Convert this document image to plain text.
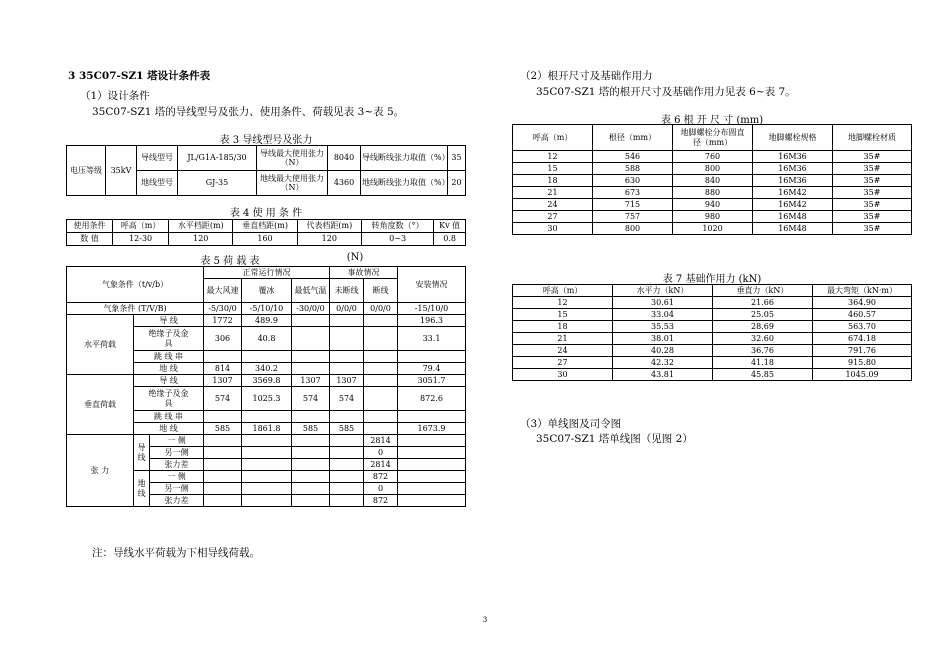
3 35C07-SZ1 塔设计条件表
（1）设计条件
35C07-SZ1 塔的导线型号及张力、使用条件、荷载见表 3~表 5。
表 3 导线型号及张力
电压等级	35kV	导线型号	JL/G1A-185/30	导线最大使用张力（N）	8040	导线断线张力取值（%）	35
		地线型号	GJ-35	地线最大使用张力（N）	4360	地线断线张力取值（%）	20
表 4 使 用 条 件
使用条件	呼高（m）	水平档距(m)	垂直档距(m)	代表档距(m)	转角度数（°）	Kv 值
数 值	12-30	120	160	120	0~3	0.8
表 5 荷 载 表	(N)
气象条件（t/v/b）			正常运行情况			事故情况		安装情况
			最大风速	覆冰	最低气温	未断线	断线	

气象条件 (T/V/B)			-5/30/0	-5/10/10	-30/0/0	0/0/0	0/0/0	-15/10/0
水平荷载	导 线		1772	489.9				196.3
	绝缘子及金具		306	40.8				33.1
	跳 线 串							
	地 线		814	340.2				79.4

垂直荷载	导 线		1307	3569.8	1307	1307		3051.7
	绝缘子及金具		574	1025.3	574	574		872.6
	跳 线 串							
	地 线		585	1861.8	585	585		1673.9
张 力	导线	一 侧					2814	
		另一侧					0	
		张力差					2814	
	地线	一 侧					872	
		另一侧					0	
		张力差					872	
注：导线水平荷载为下相导线荷载。
（2）根开尺寸及基础作用力
35C07-SZ1 塔的根开尺寸及基础作用力见表 6~表 7。
表 6 根 开 尺 寸 (mm)
呼高（m）	根径（mm）	地脚螺栓分布圆直径（mm）	地脚螺栓规格	地脚螺栓材质
12	546	760	16M36	35#
15	588	800	16M36	35#
18	630	840	16M36	35#
21	673	880	16M42	35#
24	715	940	16M42	35#
27	757	980	16M48	35#
30	800	1020	16M48	35#
表 7 基础作用力 (kN)
呼高（m）	水平力（kN）	垂直力（kN）	最大弯矩（kN·m）
12	30.61	21.66	364.90
15	33.04	25.05	460.57
18	35.53	28.69	563.70
21	38.01	32.60	674.18
24	40.28	36.76	791.76
27	42.32	41.18	915.80
30	43.81	45.85	1045.09
（3）单线图及司令图
35C07-SZ1 塔单线图（见图 2）
3
